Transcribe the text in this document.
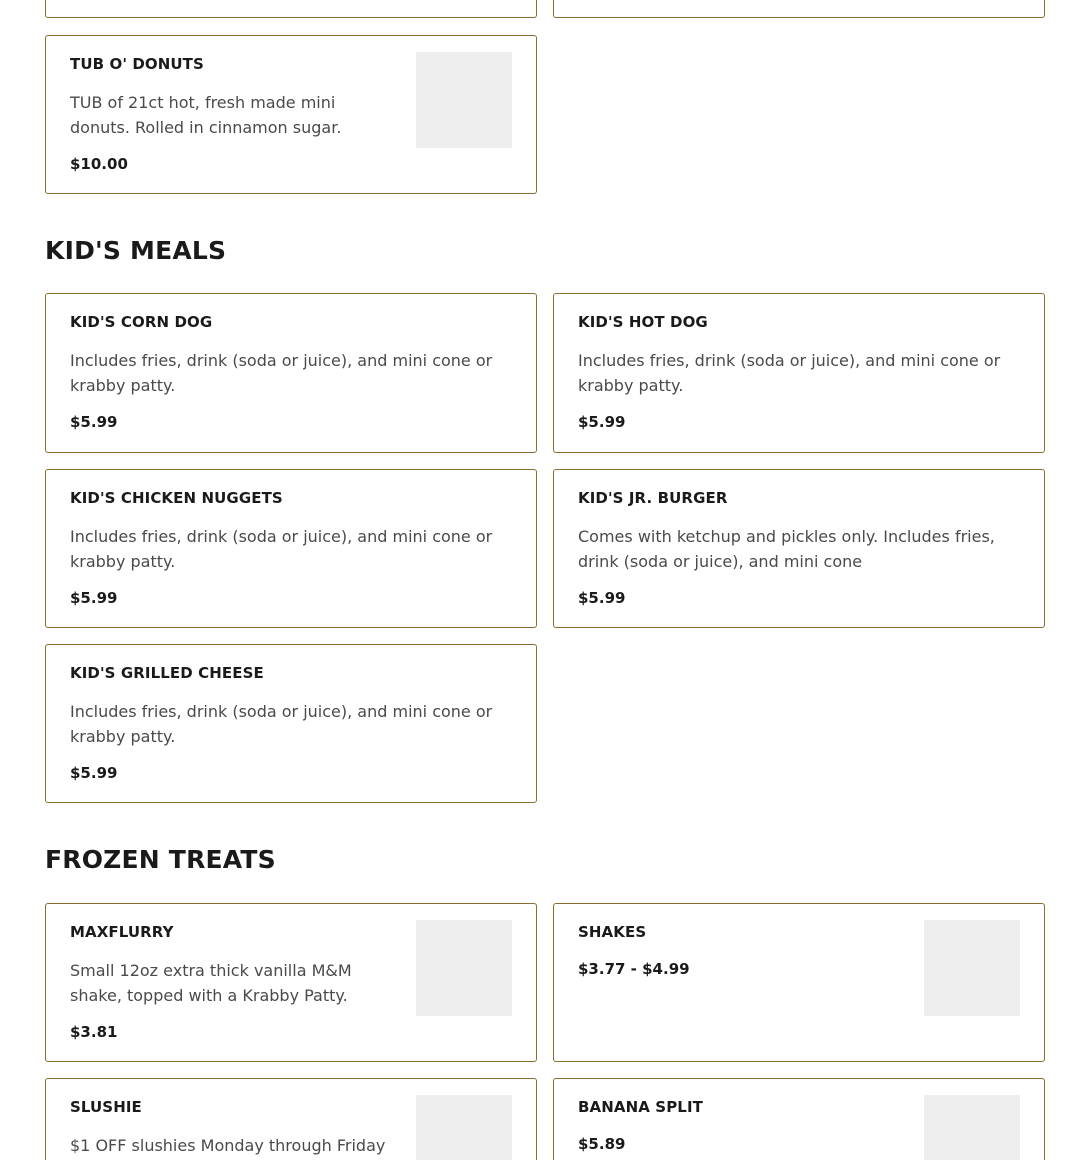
TUB O' DONUTS
TUB of 21ct hot, fresh made mini donuts. Rolled in cinnamon sugar.
$10.00
KID'S MEALS
KID'S CORN DOG
Includes fries, drink (soda or juice), and mini cone or krabby patty.
$5.99
KID'S HOT DOG
Includes fries, drink (soda or juice), and mini cone or krabby patty.
$5.99
KID'S CHICKEN NUGGETS
Includes fries, drink (soda or juice), and mini cone or krabby patty.
$5.99
KID'S JR. BURGER
Comes with ketchup and pickles only. Includes fries, drink (soda or juice), and mini cone
$5.99
KID'S GRILLED CHEESE
Includes fries, drink (soda or juice), and mini cone or krabby patty.
$5.99
FROZEN TREATS
MAXFLURRY
Small 12oz extra thick vanilla M&M shake, topped with a Krabby Patty.
$3.81
SHAKES
$3.77 - $4.99
SLUSHIE
$1 OFF slushies Monday through Friday
BANANA SPLIT
$5.89
